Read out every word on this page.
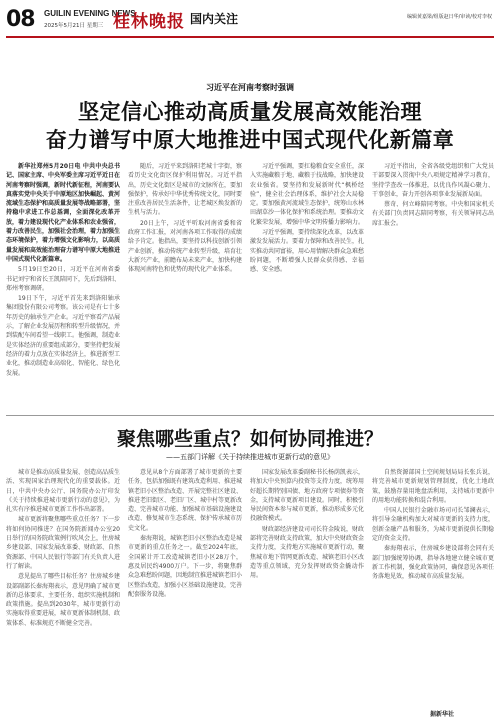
08 GUILIN EVENING NEWS
2025年5月21日 星期三 桂林晚报 国内关注	编辑黄嘉梁/组版赵日华/审读/校对李权
习近平在河南考察时强调
坚定信心推动高质量发展高效能治理
奋力谱写中原大地推进中国式现代化新篇章

新华社郑州5月20日电 中共中央总书记、国家主席、中央军委主席习近平近日在河南考察时强调，新时代新征程，河南要认真落实党中央关于中原地区加快崛起、黄河流域生态保护和高质量发展等战略部署，坚持稳中求进工作总基调，全面深化改革开放，着力建设现代化产业体系和农业强省，着力改善民生，加强社会治理，着力加强生态环境保护，着力增强文化影响力，以高质量发展和高效能治理奋力谱写中原大地推进中国式现代化新篇章。

5月19日至20日，习近平在河南省委书记刘宁和省长王凯陪同下，先后到洛阳、郑州考察调研。

19日下午，习近平首先来到洛阳轴承集团股份有限公司考察。该公司是有七十多年历史的轴承生产企业。习近平察看产品展示，了解企业发展历程和转型升级情况，并到装配车间看望一线职工。他强调，制造业是实体经济的重要组成部分，要坚持把发展经济的着力点放在实体经济上，推进新型工业化，推动制造业高端化、智能化、绿色化发展。

随后，习近平来到洛阳老城十字街，察看历史文化街区保护利用情况。习近平指出，历史文化街区是城市的文脉所在，要加强保护，传承好中华优秀传统文化，同时要注重改善居民生活条件，让老城区焕发新的生机与活力。

20日上午，习近平听取河南省委和省政府工作汇报，对河南各项工作取得的成绩给予肯定。他指出，要坚持以科技创新引领产业创新，推动传统产业转型升级，培育壮大新兴产业，前瞻布局未来产业，加快构建体现河南特色和优势的现代化产业体系。

习近平强调，要扛稳粮食安全重任，深入实施藏粮于地、藏粮于技战略，加快建设农业强省。要坚持和发展新时代“枫桥经验”，健全社会治理体系，维护社会大局稳定。要加强黄河流域生态保护，统筹山水林田湖草沙一体化保护和系统治理。要推动文化繁荣发展，增强中华文明传播力影响力。

习近平强调，要持续深化改革，以改革激发发展活力。要着力保障和改善民生，扎实推动共同富裕，用心用情解决群众急难愁盼问题，不断增强人民群众获得感、幸福感、安全感。

习近平指出，全省各级党组织和广大党员干部要深入贯彻中央八项规定精神学习教育，坚持学查改一体推进，以优良作风凝心聚力、干事创业，奋力开创各项事业发展新局面。

蔡奇、何立峰陪同考察。中央和国家机关有关部门负责同志陪同考察，有关领导同志出席汇报会。

聚焦哪些重点？如何协同推进？
——五部门详解《关于持续推进城市更新行动的意见》

城市是推动高质量发展、创造高品质生活、实现国家治理现代化的重要载体。近日，中共中央办公厅、国务院办公厅印发《关于持续推进城市更新行动的意见》，为扎实有序推进城市更新工作作出部署。

城市更新将聚焦哪些重点任务？下一步将如何协同推进？在国务院新闻办公室20日举行的国务院政策例行吹风会上，住房城乡建设部、国家发展改革委、财政部、自然资源部、中国人民银行等部门有关负责人进行了解读。

意见提出了哪些目标任务？住房城乡建设部副部长秦海翔表示，意见明确了城市更新的总体要求、主要任务、组织实施机制和政策措施。提出到2030年，城市更新行动实施取得重要进展，城市更新体制机制、政策体系、标准规范不断健全完善。

意见从8个方面部署了城市更新的主要任务，包括加强既有建筑改造利用、推进城镇老旧小区整治改造、开展完整社区建设、推进老旧街区、老旧厂区、城中村等更新改造、完善城市功能、加强城市基础设施建设改造、修复城市生态系统、保护传承城市历史文化。

秦海翔说，城镇老旧小区整治改造是城市更新的重点任务之一。截至2024年底，全国累计开工改造城镇老旧小区28万个，惠及居民约4900万户。下一步，将聚焦群众急难愁盼问题，因地制宜推进城镇老旧小区整治改造，加强小区基础设施建设，完善配套服务设施。

国家发展改革委副秘书长杨荫凯表示，将加大中央预算内投资等支持力度，统筹用好超长期特别国债、地方政府专项债券等资金，支持城市更新项目建设。同时，积极引导民间资本参与城市更新，推动形成多元化投融资模式。

财政部经济建设司司长符金陵说，财政部将完善财政支持政策，加大中央财政资金支持力度，支持地方实施城市更新行动，聚焦城市地下管网更新改造、城镇老旧小区改造等重点领域，充分发挥财政资金撬动作用。

自然资源部国土空间规划局局长张兵说，将完善城市更新规划管理制度，优化土地政策，鼓励存量用地盘活利用，支持城市更新中的用地功能转换和混合利用。

中国人民银行金融市场司司长邹澜表示，将引导金融机构加大对城市更新的支持力度，创新金融产品和服务，为城市更新提供长期稳定的资金支持。

秦海翔表示，住房城乡建设部将会同有关部门加强统筹协调，指导各地建立健全城市更新工作机制，强化政策协同，确保意见各项任务落地见效，推动城市高质量发展。

据新华社
